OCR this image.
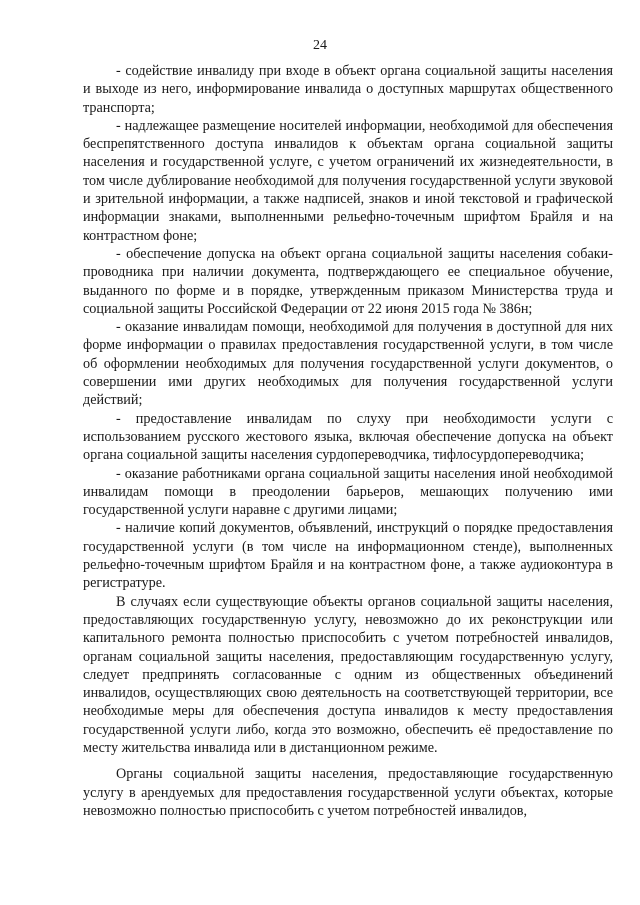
24

- содействие инвалиду при входе в объект органа социальной защиты населения и выходе из него, информирование инвалида о доступных маршрутах общественного транспорта;

- надлежащее размещение носителей информации, необходимой для обеспечения беспрепятственного доступа инвалидов к объектам органа социальной защиты населения и государственной услуге, с учетом ограничений их жизнедеятельности, в том числе дублирование необходимой для получения государственной услуги звуковой и зрительной информации, а также надписей, знаков и иной текстовой и графической информации знаками, выполненными рельефно-точечным шрифтом Брайля и на контрастном фоне;

- обеспечение допуска на объект органа социальной защиты населения собаки-проводника при наличии документа, подтверждающего ее специальное обучение, выданного по форме и в порядке, утвержденным приказом Министерства труда и социальной защиты Российской Федерации от 22 июня 2015 года № 386н;

- оказание инвалидам помощи, необходимой для получения в доступной для них форме информации о правилах предоставления государственной услуги, в том числе об оформлении необходимых для получения государственной услуги документов, о совершении ими других необходимых для получения государственной услуги действий;

- предоставление инвалидам по слуху при необходимости услуги с использованием русского жестового языка, включая обеспечение допуска на объект органа социальной защиты населения сурдопереводчика, тифлосурдопереводчика;

- оказание работниками органа социальной защиты населения иной необходимой инвалидам помощи в преодолении барьеров, мешающих получению ими государственной услуги наравне с другими лицами;

- наличие копий документов, объявлений, инструкций о порядке предоставления государственной услуги (в том числе на информационном стенде), выполненных рельефно-точечным шрифтом Брайля и на контрастном фоне, а также аудиоконтура в регистратуре.

В случаях если существующие объекты органов социальной защиты населения, предоставляющих государственную услугу, невозможно до их реконструкции или капитального ремонта полностью приспособить с учетом потребностей инвалидов, органам социальной защиты населения, предоставляющим государственную услугу, следует предпринять согласованные с одним из общественных объединений инвалидов, осуществляющих свою деятельность на соответствующей территории, все необходимые меры для обеспечения доступа инвалидов к месту предоставления государственной услуги либо, когда это возможно, обеспечить её предоставление по месту жительства инвалида или в дистанционном режиме.

Органы социальной защиты населения, предоставляющие государственную услугу в арендуемых для предоставления государственной услуги объектах, которые невозможно полностью приспособить с учетом потребностей инвалидов,
